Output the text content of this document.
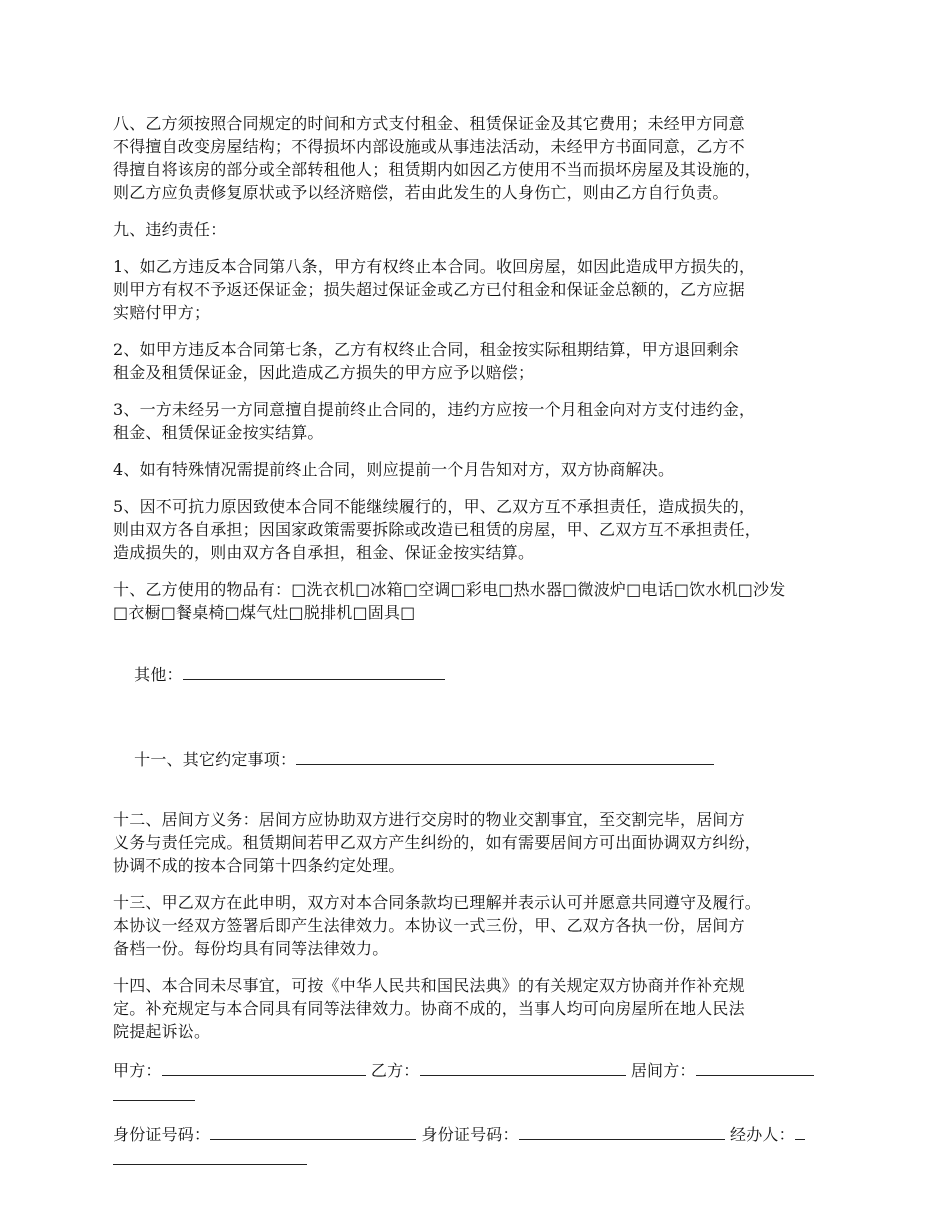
八、乙方须按照合同规定的时间和方式支付租金、租赁保证金及其它费用；未经甲方同意
不得擅自改变房屋结构；不得损坏内部设施或从事违法活动，未经甲方书面同意，乙方不
得擅自将该房的部分或全部转租他人；租赁期内如因乙方使用不当而损坏房屋及其设施的，
则乙方应负责修复原状或予以经济赔偿，若由此发生的人身伤亡，则由乙方自行负责。
九、违约责任：
1、如乙方违反本合同第八条，甲方有权终止本合同。收回房屋，如因此造成甲方损失的，
则甲方有权不予返还保证金；损失超过保证金或乙方已付租金和保证金总额的，乙方应据
实赔付甲方；
2、如甲方违反本合同第七条，乙方有权终止合同，租金按实际租期结算，甲方退回剩余
租金及租赁保证金，因此造成乙方损失的甲方应予以赔偿；
3、一方未经另一方同意擅自提前终止合同的，违约方应按一个月租金向对方支付违约金，
租金、租赁保证金按实结算。
4、如有特殊情况需提前终止合同，则应提前一个月告知对方，双方协商解决。
5、因不可抗力原因致使本合同不能继续履行的，甲、乙双方互不承担责任，造成损失的，
则由双方各自承担；因国家政策需要拆除或改造已租赁的房屋，甲、乙双方互不承担责任，
造成损失的，则由双方各自承担，租金、保证金按实结算。
十、乙方使用的物品有：□洗衣机□冰箱□空调□彩电□热水器□微波炉□电话□饮水机□沙发
□衣橱□餐桌椅□煤气灶□脱排机□固具□

其他：

十一、其它约定事项：

十二、居间方义务：居间方应协助双方进行交房时的物业交割事宜，至交割完毕，居间方
义务与责任完成。租赁期间若甲乙双方产生纠纷的，如有需要居间方可出面协调双方纠纷，
协调不成的按本合同第十四条约定处理。
十三、甲乙双方在此申明，双方对本合同条款均已理解并表示认可并愿意共同遵守及履行。
本协议一经双方签署后即产生法律效力。本协议一式三份，甲、乙双方各执一份，居间方
备档一份。每份均具有同等法律效力。
十四、本合同未尽事宜，可按《中华人民共和国民法典》的有关规定双方协商并作补充规
定。补充规定与本合同具有同等法律效力。协商不成的，当事人均可向房屋所在地人民法
院提起诉讼。
甲方：	乙方：	居间方：

身份证号码：	身份证号码：	经办人：
